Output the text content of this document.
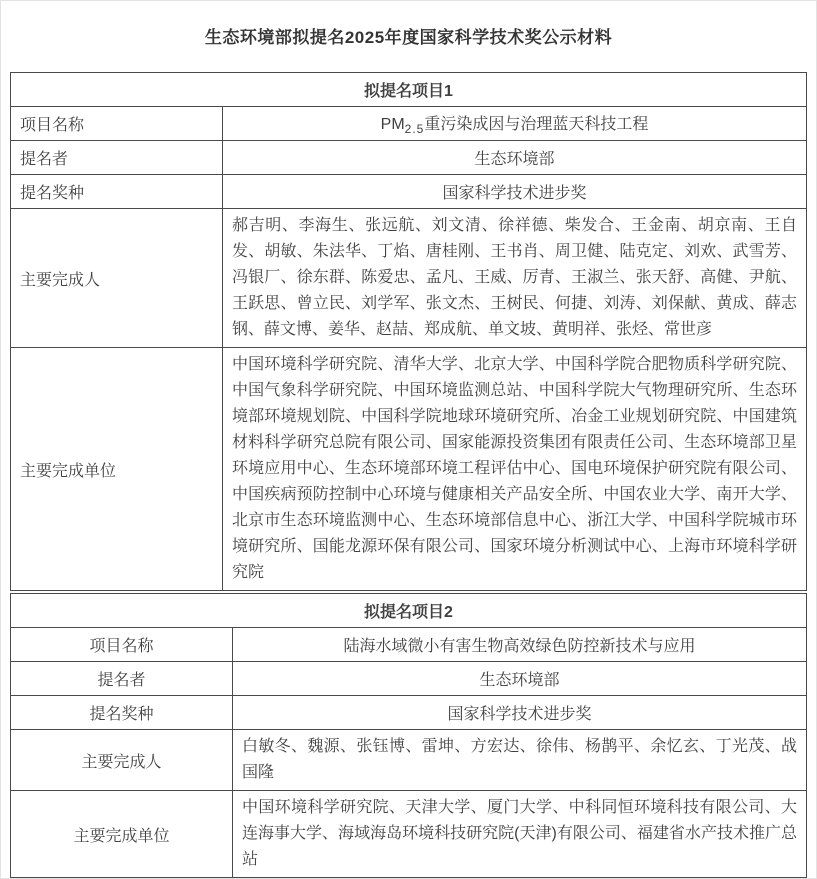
生态环境部拟提名2025年度国家科学技术奖公示材料
拟提名项目1	
项目名称	$PM_{2.5}$重污染成因与治理蓝天科技工程
提名者	生态环境部
提名奖种	国家科学技术进步奖
主要完成人	郝吉明、李海生、张远航、刘文清、徐祥德、柴发合、王金南、胡京南、王自发、胡敏、朱法华、丁焰、唐桂刚、王书肖、周卫健、陆克定、刘欢、武雪芳、冯银厂、徐东群、陈爱忠、孟凡、王威、厉青、王淑兰、张天舒、高健、尹航、王跃思、曾立民、刘学军、张文杰、王树民、何捷、刘涛、刘保献、黄成、薛志钢、薛文博、姜华、赵喆、郑成航、单文坡、黄明祥、张烃、常世彦
主要完成单位	中国环境科学研究院、清华大学、北京大学、中国科学院合肥物质科学研究院、中国气象科学研究院、中国环境监测总站、中国科学院大气物理研究所、生态环境部环境规划院、中国科学院地球环境研究所、冶金工业规划研究院、中国建筑材料科学研究总院有限公司、国家能源投资集团有限责任公司、生态环境部卫星环境应用中心、生态环境部环境工程评估中心、国电环境保护研究院有限公司、中国疾病预防控制中心环境与健康相关产品安全所、中国农业大学、南开大学、北京市生态环境监测中心、生态环境部信息中心、浙江大学、中国科学院城市环境研究所、国能龙源环保有限公司、国家环境分析测试中心、上海市环境科学研究院
拟提名项目2	
项目名称	陆海水域微小有害生物高效绿色防控新技术与应用
提名者	生态环境部
提名奖种	国家科学技术进步奖
主要完成人	白敏冬、魏源、张钰博、雷坤、方宏达、徐伟、杨鹊平、余忆玄、丁光茂、战国隆
主要完成单位	中国环境科学研究院、天津大学、厦门大学、中科同恒环境科技有限公司、大连海事大学、海域海岛环境科技研究院(天津)有限公司、福建省水产技术推广总站
